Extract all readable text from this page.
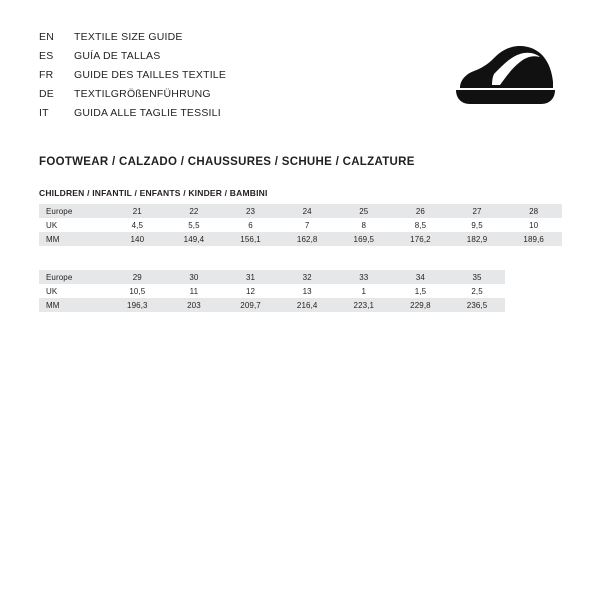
EN	TEXTILE SIZE GUIDE
ES	GUÍA DE TALLAS
FR	GUIDE DES TAILLES TEXTILE
DE	TEXTILGRÖßENFÜHRUNG
IT	GUIDA ALLE TAGLIE TESSILI
FOOTWEAR / CALZADO / CHAUSSURES / SCHUHE / CALZATURE
CHILDREN / INFANTIL / ENFANTS / KINDER / BAMBINI
Europe	21	22	23	24	25	26	27	28
UK	4,5	5,5	6	7	8	8,5	9,5	10
MM	140	149,4	156,1	162,8	169,5	176,2	182,9	189,6
Europe	29	30	31	32	33	34	35	
UK	10,5	11	12	13	1	1,5	2,5	
MM	196,3	203	209,7	216,4	223,1	229,8	236,5	
